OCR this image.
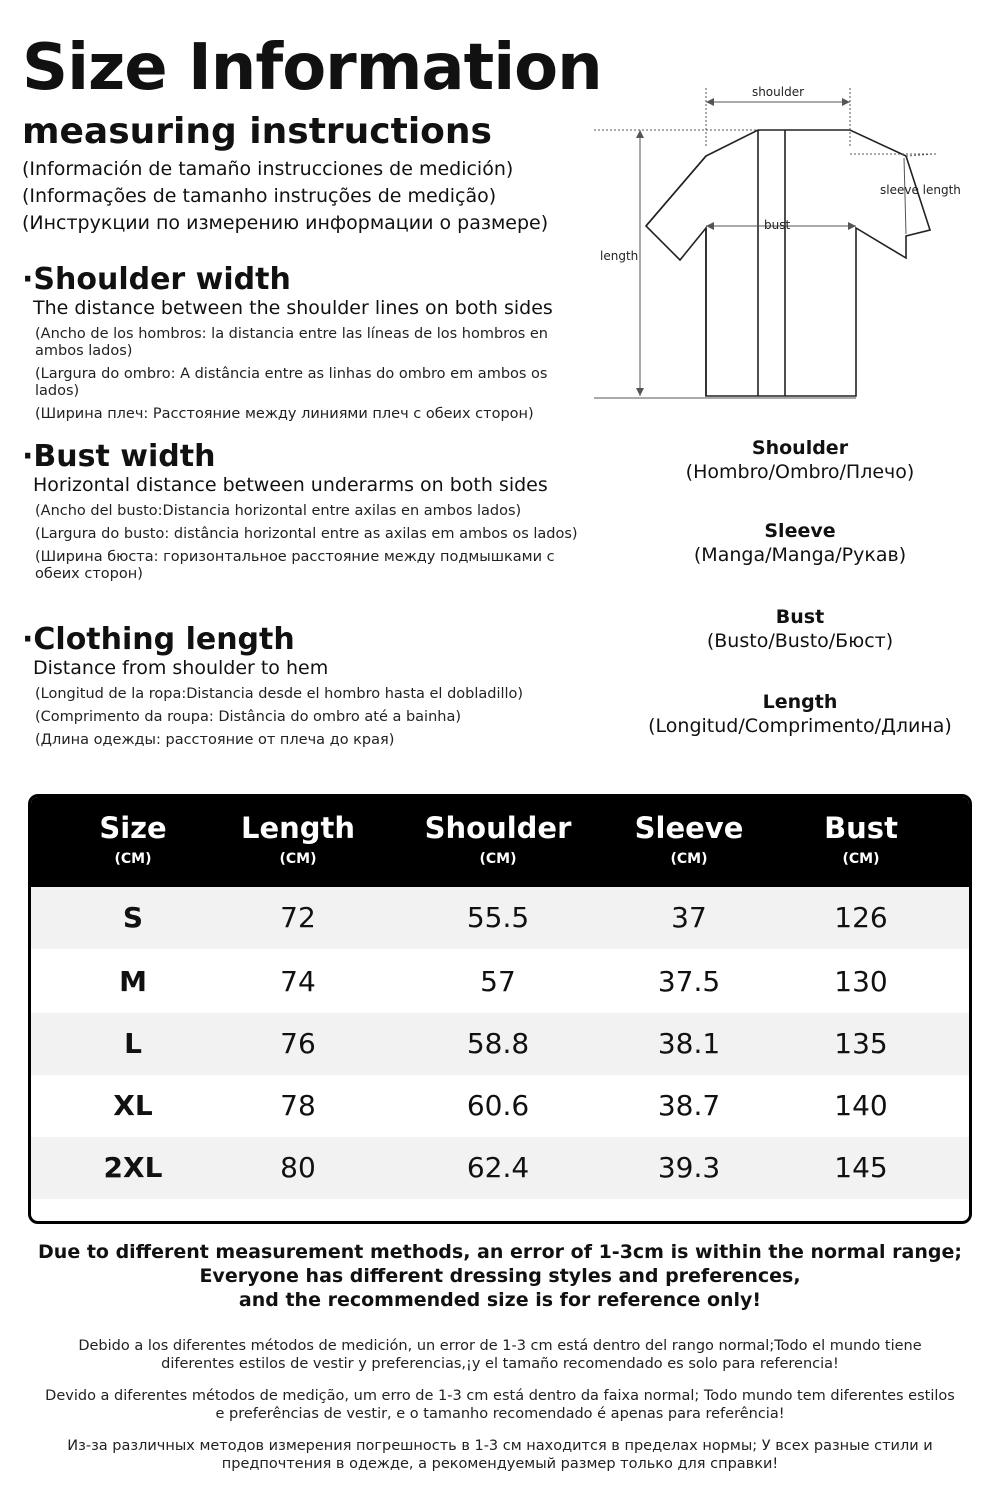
Size Information
measuring instructions
(Información de tamaño instrucciones de medición)
(Informações de tamanho instruções de medição)
(Инструкции по измерению информации о размере)
·Shoulder width
The distance between the shoulder lines on both sides

(Ancho de los hombros: la distancia entre las líneas de los hombros en ambos lados)

(Largura do ombro: A distância entre as linhas do ombro em ambos os lados)

(Ширина плеч: Расстояние между линиями плеч с обеих сторон)

·Bust width
Horizontal distance between underarms on both sides

(Ancho del busto:Distancia horizontal entre axilas en ambos lados)

(Largura do busto: distância horizontal entre as axilas em ambos os lados)

(Ширина бюста: горизонтальное расстояние между подмышками с обеих сторон)

·Clothing length
Distance from shoulder to hem

(Longitud de la ropa:Distancia desde el hombro hasta el dobladillo)

(Comprimento da roupa: Distância do ombro até a bainha)

(Длина одежды: расстояние от плеча до края)

shoulder
sleeve length
bust
length
Shoulder
(Hombro/Ombro/Плечо)
Sleeve
(Manga/Manga/Рукав)
Bust
(Busto/Busto/Бюст)
Length
(Longitud/Comprimento/Длина)
Size
(CM)
Length
(CM)
Shoulder
(CM)
Sleeve
(CM)
Bust
(CM)
S	72	55.5	37	126
M	74	57	37.5	130
L	76	58.8	38.1	135
XL	78	60.6	38.7	140
2XL	80	62.4	39.3	145
Due to different measurement methods, an error of 1-3cm is within the normal range;
Everyone has different dressing styles and preferences,
and the recommended size is for reference only!
Debido a los diferentes métodos de medición, un error de 1-3 cm está dentro del rango normal;Todo el mundo tiene diferentes estilos de vestir y preferencias,¡y el tamaño recomendado es solo para referencia!
Devido a diferentes métodos de medição, um erro de 1-3 cm está dentro da faixa normal; Todo mundo tem diferentes estilos e preferências de vestir, e o tamanho recomendado é apenas para referência!
Из-за различных методов измерения погрешность в 1-3 см находится в пределах нормы; У всех разные стили и предпочтения в одежде, а рекомендуемый размер только для справки!
